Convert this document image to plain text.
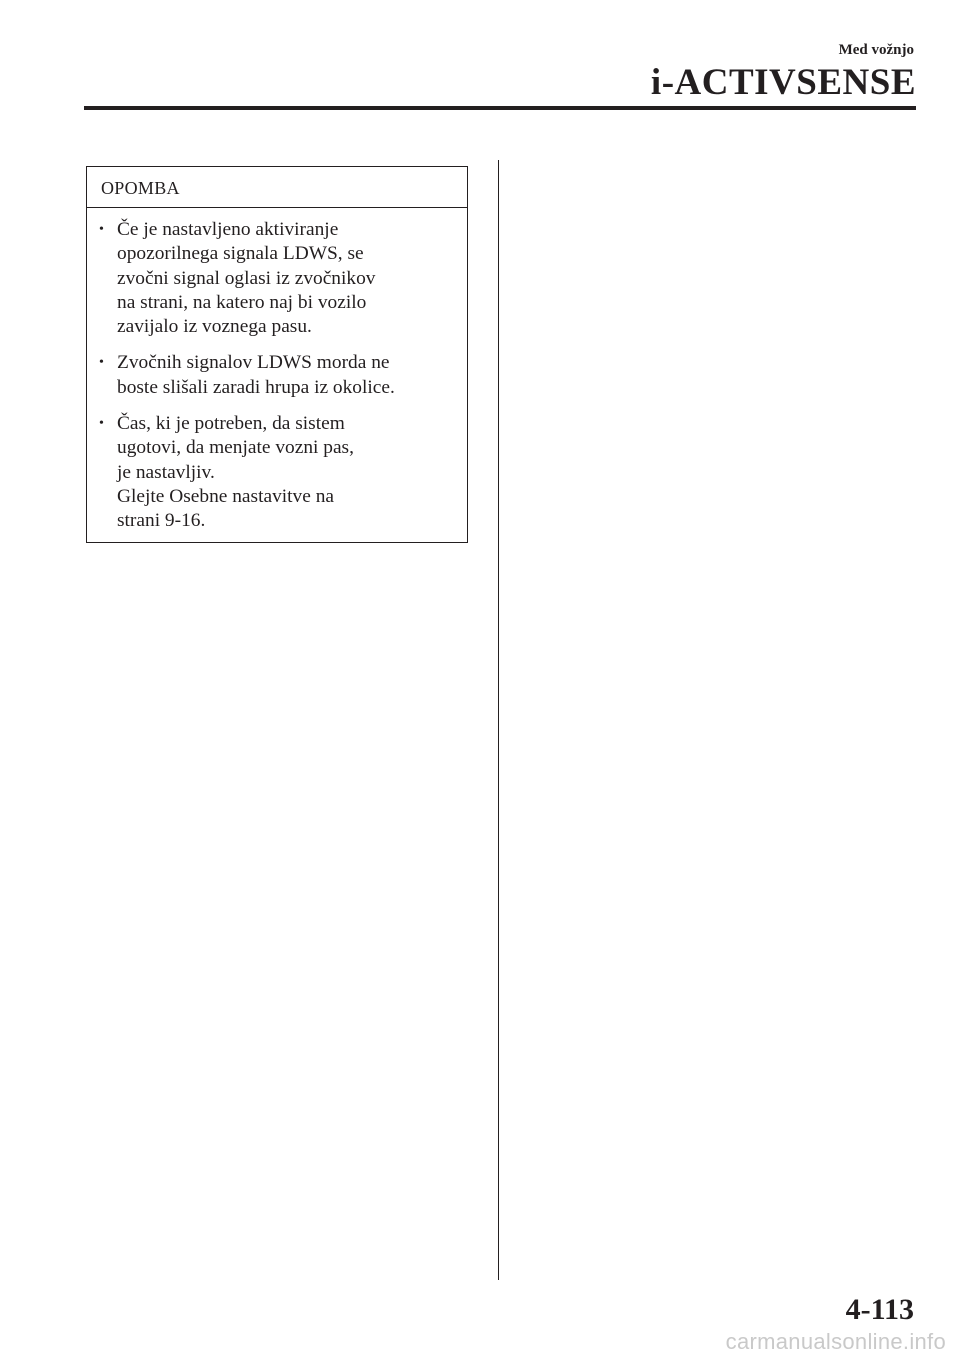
Med vožnjo
i-ACTIVSENSE
OPOMBA
• Če je nastavljeno aktiviranje
opozorilnega signala LDWS, se
zvočni signal oglasi iz zvočnikov
na strani, na katero naj bi vozilo
zavijalo iz voznega pasu.
• Zvočnih signalov LDWS morda ne
boste slišali zaradi hrupa iz okolice.
• Čas, ki je potreben, da sistem
ugotovi, da menjate vozni pas,
je nastavljiv.
Glejte Osebne nastavitve na
strani 9-16.
4-113
carmanualsonline.info
